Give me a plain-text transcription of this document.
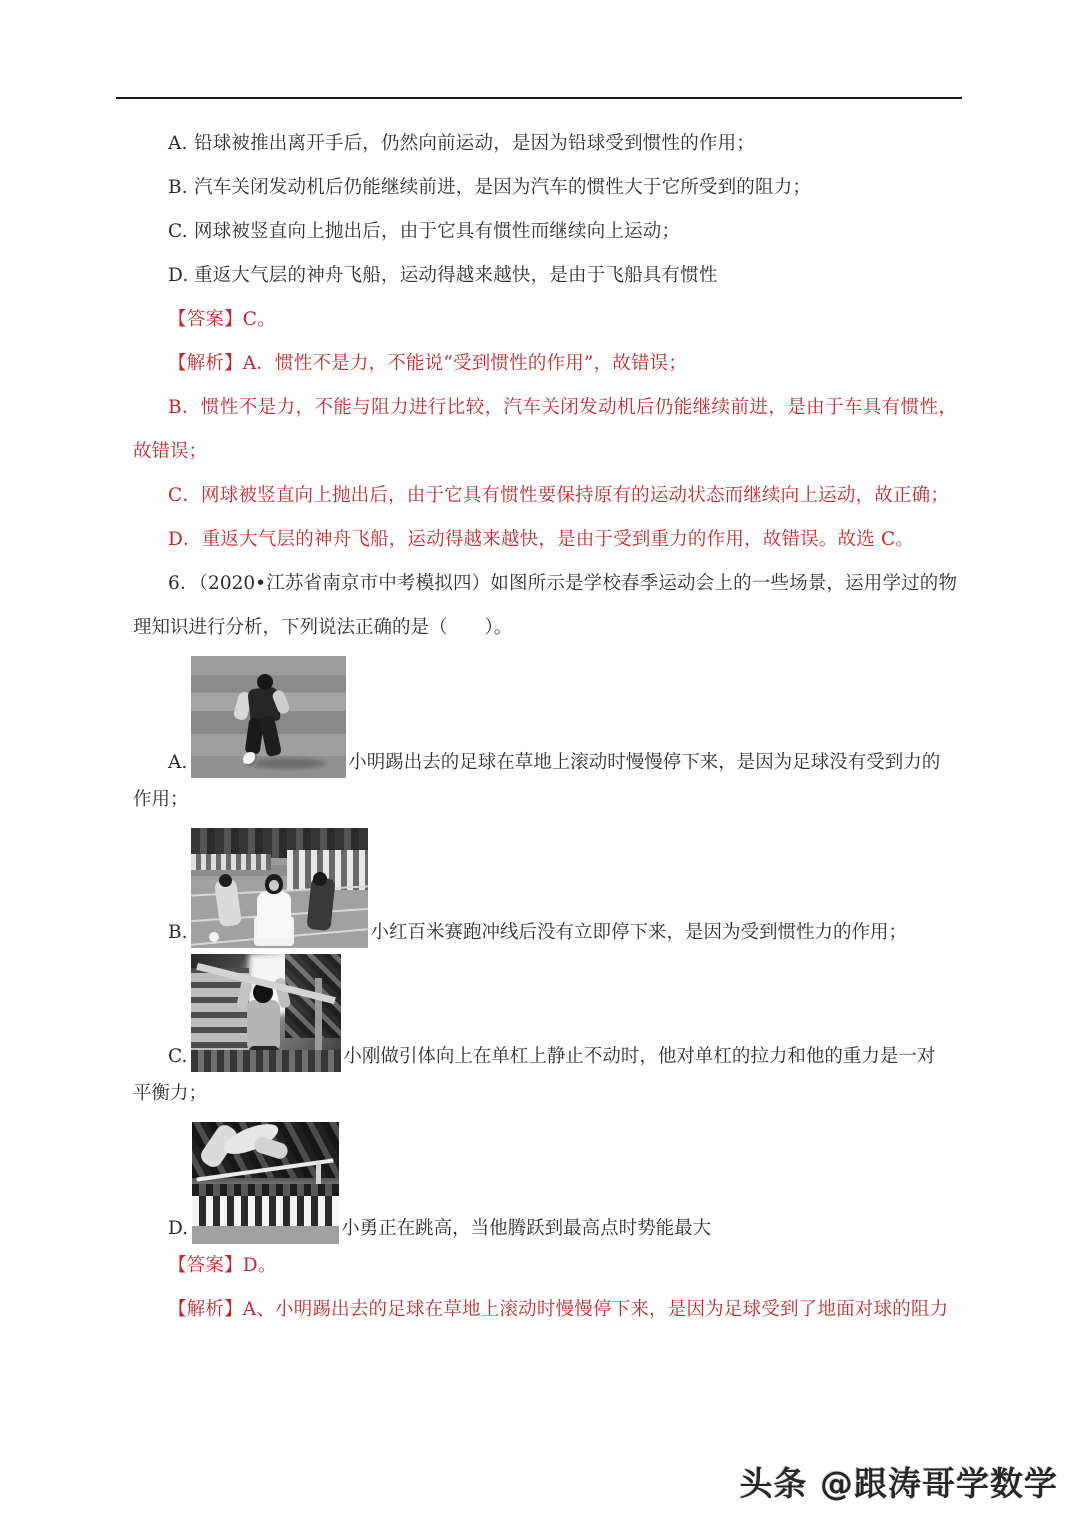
A. 铅球被推出离开手后，仍然向前运动，是因为铅球受到惯性的作用；
B. 汽车关闭发动机后仍能继续前进，是因为汽车的惯性大于它所受到的阻力；
C. 网球被竖直向上抛出后，由于它具有惯性而继续向上运动；
D. 重返大气层的神舟飞船，运动得越来越快，是由于飞船具有惯性
【答案】C。
【解析】A．惯性不是力，不能说“受到惯性的作用”，故错误；
B．惯性不是力，不能与阻力进行比较，汽车关闭发动机后仍能继续前进，是由于车具有惯性，故错误；
C．网球被竖直向上抛出后，由于它具有惯性要保持原有的运动状态而继续向上运动，故正确；
D．重返大气层的神舟飞船，运动得越来越快，是由于受到重力的作用，故错误。故选 C。
6．（2020•江苏省南京市中考模拟四）如图所示是学校春季运动会上的一些场景，运用学过的物理知识进行分析，下列说法正确的是（　　）。
A.	小明踢出去的足球在草地上滚动时慢慢停下来，是因为足球没有受到力的
作用；
B.	小红百米赛跑冲线后没有立即停下来，是因为受到惯性力的作用；
C.	小刚做引体向上在单杠上静止不动时，他对单杠的拉力和他的重力是一对
平衡力；
D.	小勇正在跳高，当他腾跃到最高点时势能最大
【答案】D。
【解析】A、小明踢出去的足球在草地上滚动时慢慢停下来，是因为足球受到了地面对球的阻力
头条 @跟涛哥学数学
